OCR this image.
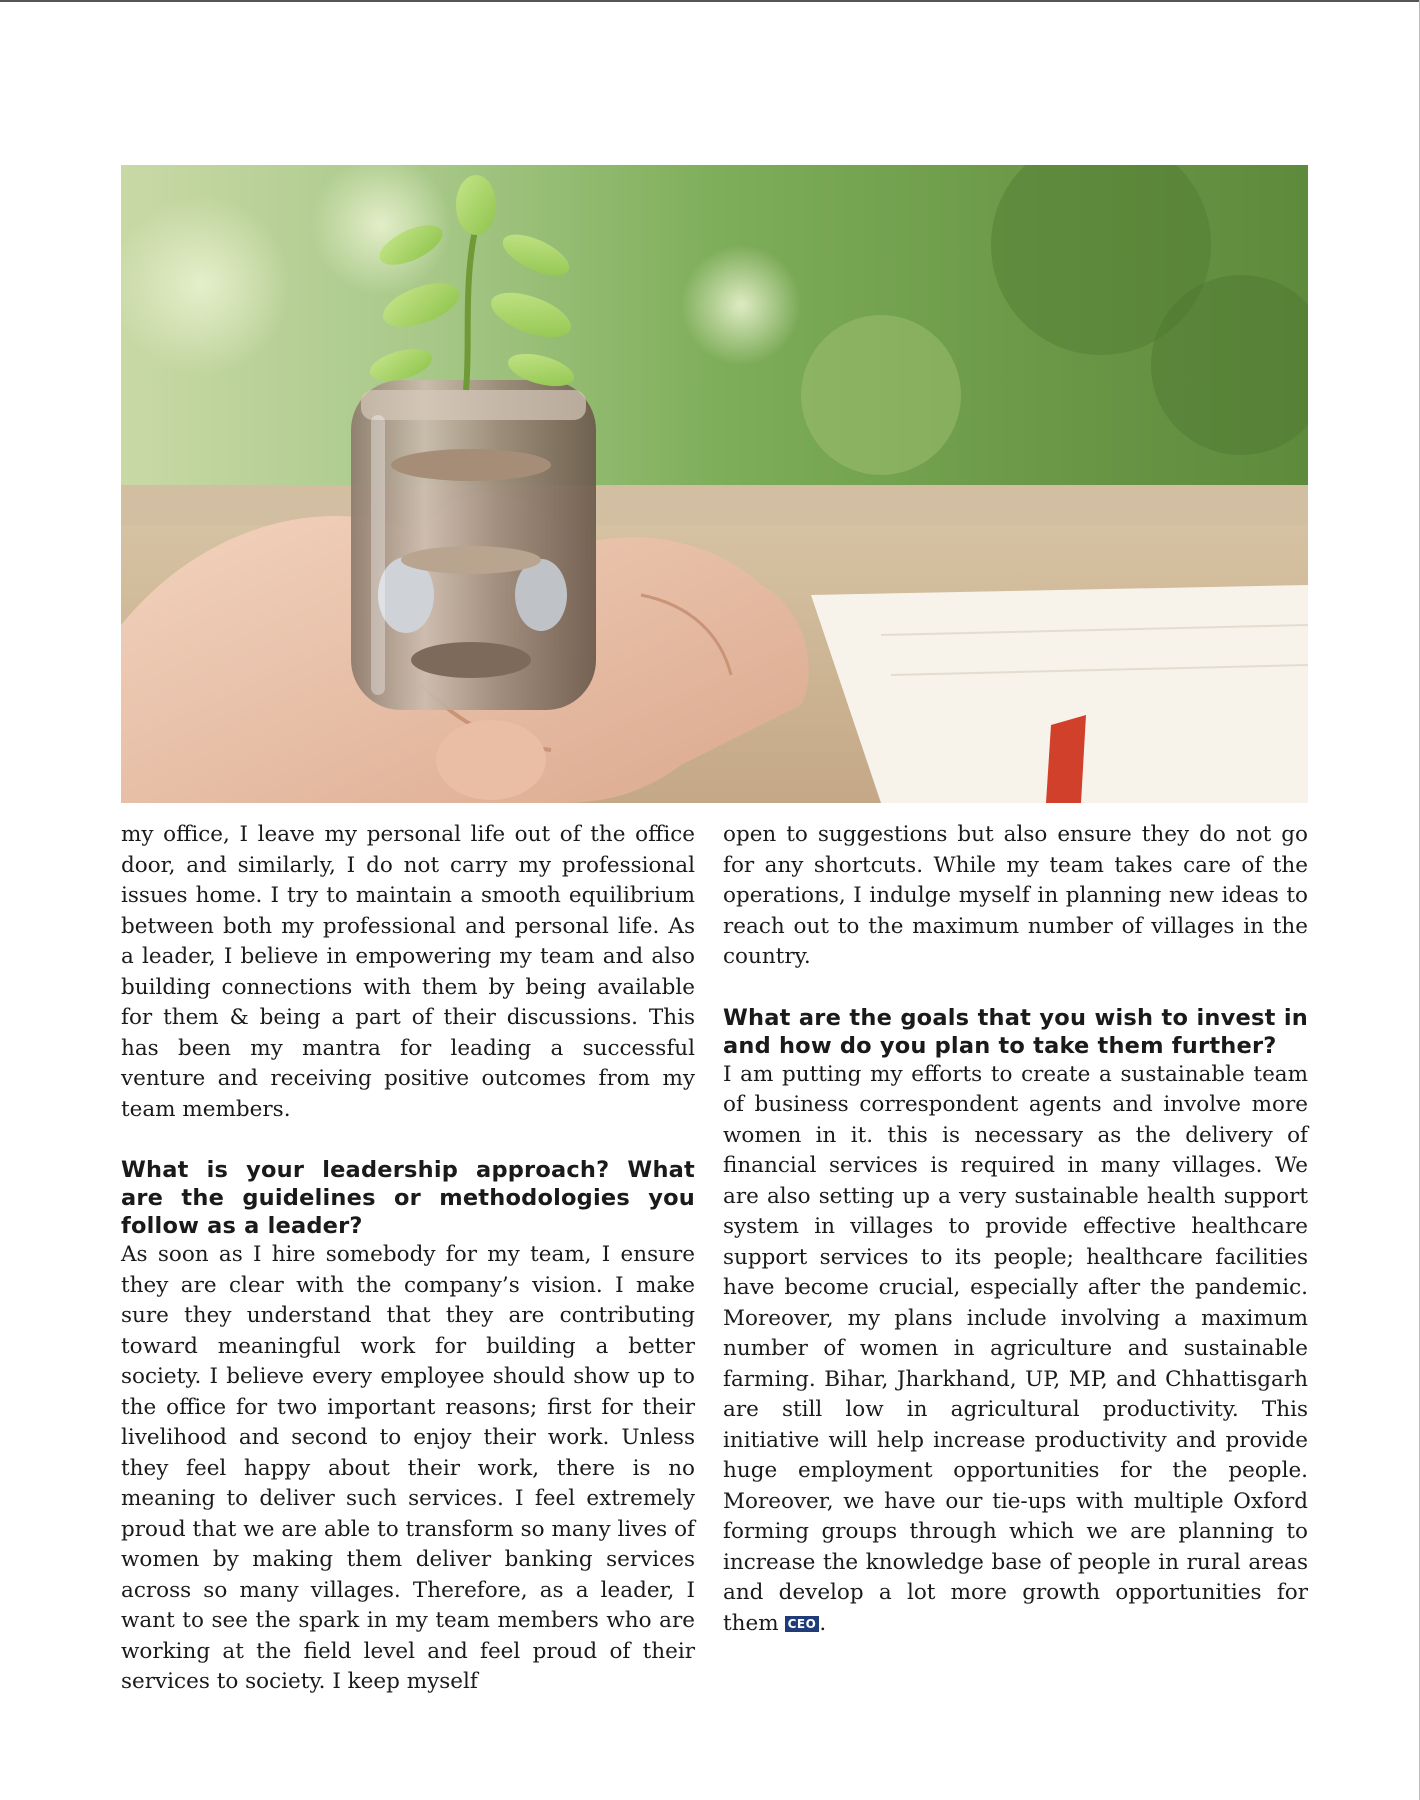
my office, I leave my personal life out of the office door, and similarly, I do not carry my professional issues home. I try to maintain a smooth equilibrium between both my professional and personal life. As a leader, I believe in empowering my team and also building connections with them by being available for them & being a part of their discussions. This has been my mantra for leading a successful venture and receiving positive outcomes from my team members.

What is your leadership approach? What are the guidelines or methodologies you follow as a leader?

As soon as I hire somebody for my team, I ensure they are clear with the company’s vision. I make sure they understand that they are contributing toward meaningful work for building a better society. I believe every employee should show up to the office for two important reasons; first for their livelihood and second to enjoy their work. Unless they feel happy about their work, there is no meaning to deliver such services. I feel extremely proud that we are able to transform so many lives of women by making them deliver banking services across so many villages. Therefore, as a leader, I want to see the spark in my team members who are working at the field level and feel proud of their services to society. I keep myself

open to suggestions but also ensure they do not go for any shortcuts. While my team takes care of the operations, I indulge myself in planning new ideas to reach out to the maximum number of villages in the country.

What are the goals that you wish to invest in and how do you plan to take them further?

I am putting my efforts to create a sustainable team of business correspondent agents and involve more women in it. this is necessary as the delivery of financial services is required in many villages. We are also setting up a very sustainable health support system in villages to provide effective healthcare support services to its people; healthcare facilities have become crucial, especially after the pandemic. Moreover, my plans include involving a maximum number of women in agriculture and sustainable farming. Bihar, Jharkhand, UP, MP, and Chhattisgarh are still low in agricultural productivity. This initiative will help increase productivity and provide huge employment opportunities for the people. Moreover, we have our tie-ups with multiple Oxford forming groups through which we are planning to increase the knowledge base of people in rural areas and develop a lot more growth opportunities for them CEO .
